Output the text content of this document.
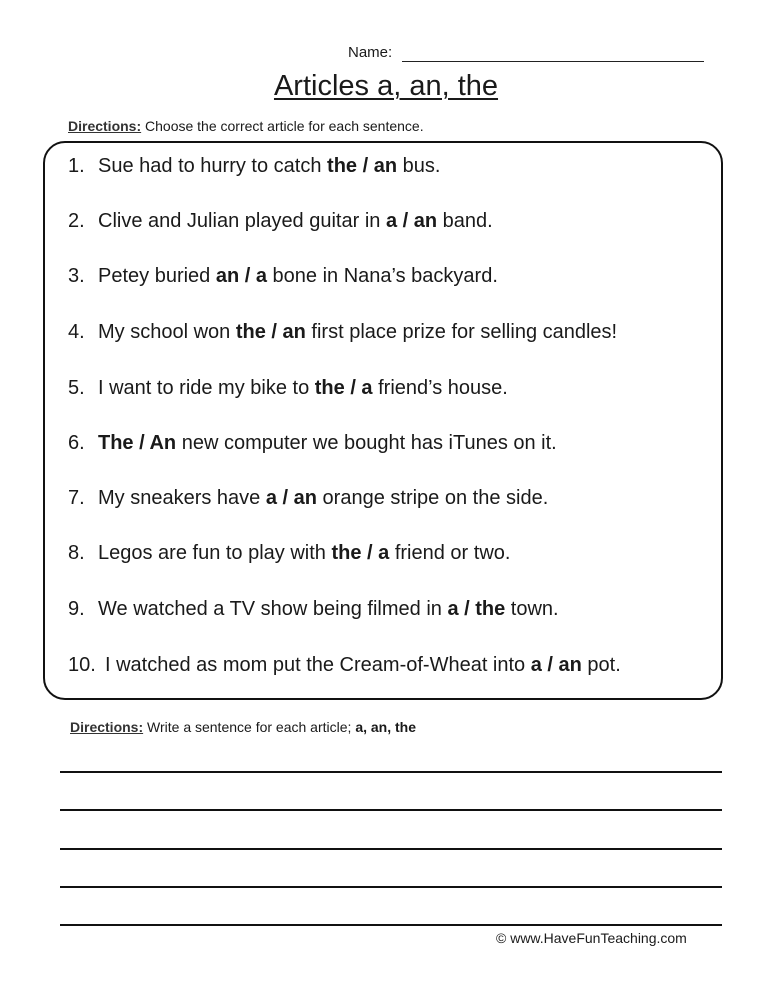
Name:
Articles a, an, the
Directions: Choose the correct article for each sentence.
1. Sue had to hurry to catch the / an bus.
2. Clive and Julian played guitar in a / an band.
3. Petey buried an / a bone in Nana’s backyard.
4. My school won the / an first place prize for selling candles!
5. I want to ride my bike to the / a friend’s house.
6. The / An new computer we bought has iTunes on it.
7. My sneakers have a / an orange stripe on the side.
8. Legos are fun to play with the / a friend or two.
9. We watched a TV show being filmed in a / the town.
10. I watched as mom put the Cream-of-Wheat into a / an pot.
Directions: Write a sentence for each article; a, an, the
© www.HaveFunTeaching.com
